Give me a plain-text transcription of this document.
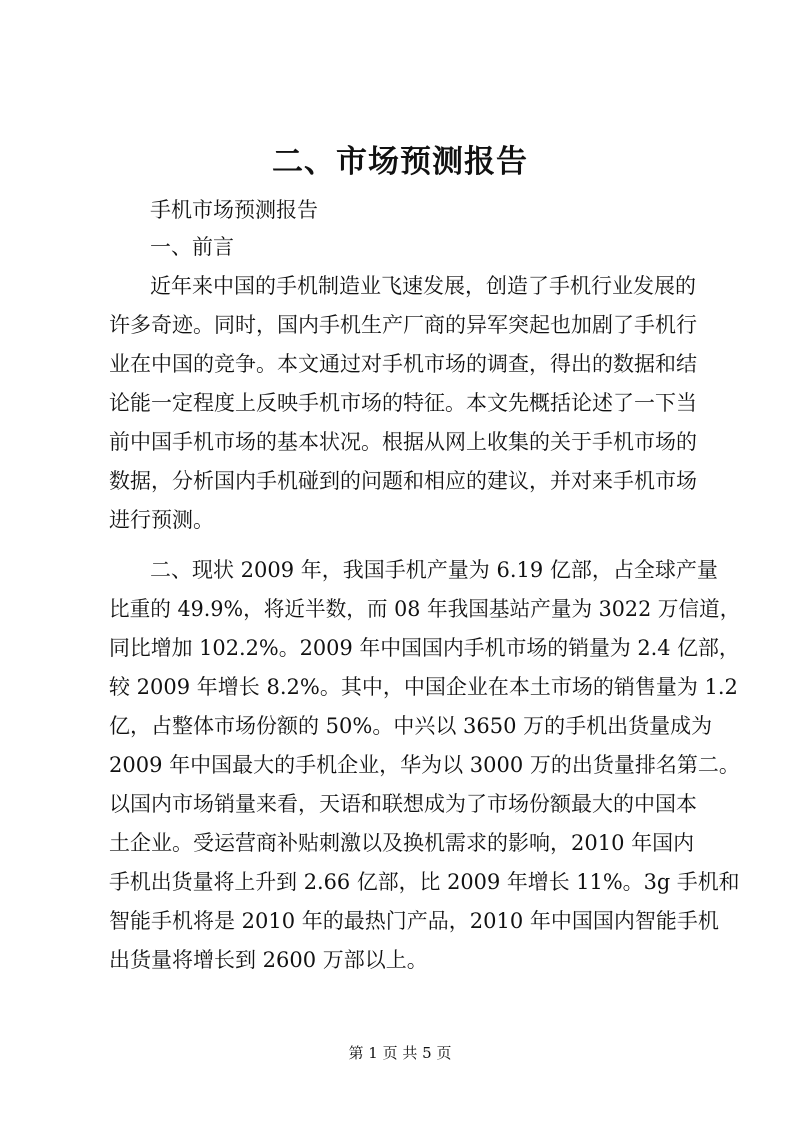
二、市场预测报告
手机市场预测报告
一、前言
近年来中国的手机制造业飞速发展，创造了手机行业发展的
许多奇迹。同时，国内手机生产厂商的异军突起也加剧了手机行
业在中国的竞争。本文通过对手机市场的调查，得出的数据和结
论能一定程度上反映手机市场的特征。本文先概括论述了一下当
前中国手机市场的基本状况。根据从网上收集的关于手机市场的
数据，分析国内手机碰到的问题和相应的建议，并对来手机市场
进行预测。
二、现状 2009 年，我国手机产量为 6.19 亿部，占全球产量
比重的 49.9%，将近半数，而 08 年我国基站产量为 3022 万信道，
同比增加 102.2%。2009 年中国国内手机市场的销量为 2.4 亿部，
较 2009 年增长 8.2%。其中，中国企业在本土市场的销售量为 1.2
亿，占整体市场份额的 50%。中兴以 3650 万的手机出货量成为
2009 年中国最大的手机企业，华为以 3000 万的出货量排名第二。
以国内市场销量来看，天语和联想成为了市场份额最大的中国本
土企业。受运营商补贴刺激以及换机需求的影响，2010 年国内
手机出货量将上升到 2.66 亿部，比 2009 年增长 11%。3g 手机和
智能手机将是 2010 年的最热门产品，2010 年中国国内智能手机
出货量将增长到 2600 万部以上。
第 1 页 共 5 页
